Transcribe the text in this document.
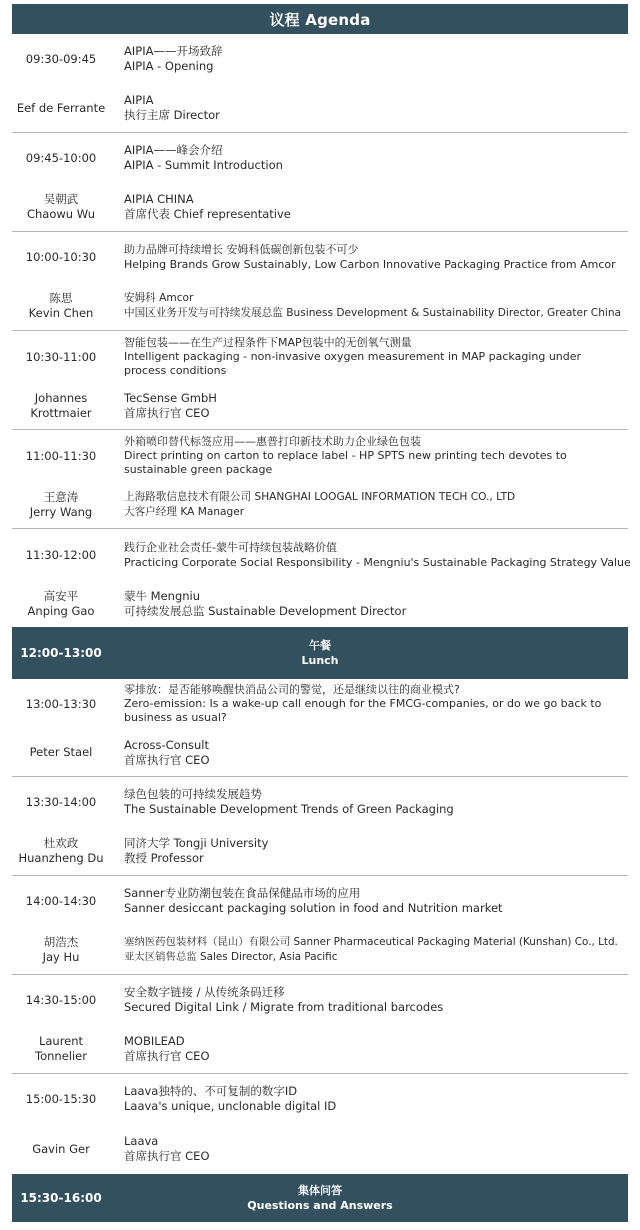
议程 Agenda
09:30-09:45
AIPIA——开场致辞
AIPIA - Opening
Eef de Ferrante
AIPIA
执行主席 Director
09:45-10:00
AIPIA——峰会介绍
AIPIA - Summit Introduction
吴朝武
Chaowu Wu
AIPIA CHINA
首席代表 Chief representative
10:00-10:30	助力品牌可持续增长 安姆科低碳创新包装不可少
Helping Brands Grow Sustainably, Low Carbon Innovative Packaging Practice from Amcor
陈思
Kevin Chen
安姆科 Amcor
中国区业务开发与可持续发展总监 Business Development & Sustainability Director, Greater China
10:30-11:00
智能包装——在生产过程条件下MAP包装中的无创氧气测量
Intelligent packaging - non-invasive oxygen measurement in MAP packaging under process conditions
Johannes
Krottmaier
TecSense GmbH
首席执行官 CEO
11:00-11:30
外箱喷印替代标签应用——惠普打印新技术助力企业绿色包装
Direct printing on carton to replace label - HP SPTS new printing tech devotes to sustainable green package
王意涛
Jerry Wang
上海路歌信息技术有限公司 SHANGHAI LOOGAL INFORMATION TECH CO., LTD
大客户经理 KA Manager
11:30-12:00	践行企业社会责任-蒙牛可持续包装战略价值
Practicing Corporate Social Responsibility - Mengniu's Sustainable Packaging Strategy Value
高安平
Anping Gao
蒙牛 Mengniu
可持续发展总监 Sustainable Development Director
12:00-13:00
午餐
Lunch
13:00-13:30
零排放：是否能够唤醒快消品公司的警觉，还是继续以往的商业模式?
Zero-emission: Is a wake-up call enough for the FMCG-companies, or do we go back to business as usual?
Peter Stael
Across-Consult
首席执行官 CEO
13:30-14:00
绿色包装的可持续发展趋势
The Sustainable Development Trends of Green Packaging
杜欢政
Huanzheng Du
同济大学 Tongji University
教授 Professor
14:00-14:30
Sanner专业防潮包装在食品保健品市场的应用
Sanner desiccant packaging solution in food and Nutrition market
胡浩杰
Jay Hu
塞纳医药包装材料（昆山）有限公司 Sanner Pharmaceutical Packaging Material (Kunshan) Co., Ltd.
亚太区销售总监 Sales Director, Asia Pacific
14:30-15:00
安全数字链接 / 从传统条码迁移
Secured Digital Link / Migrate from traditional barcodes
Laurent
Tonnelier
MOBILEAD
首席执行官 CEO
15:00-15:30
Laava独特的、不可复制的数字ID
Laava's unique, unclonable digital ID
Gavin Ger
Laava
首席执行官 CEO
15:30-16:00
集体问答
Questions and Answers
